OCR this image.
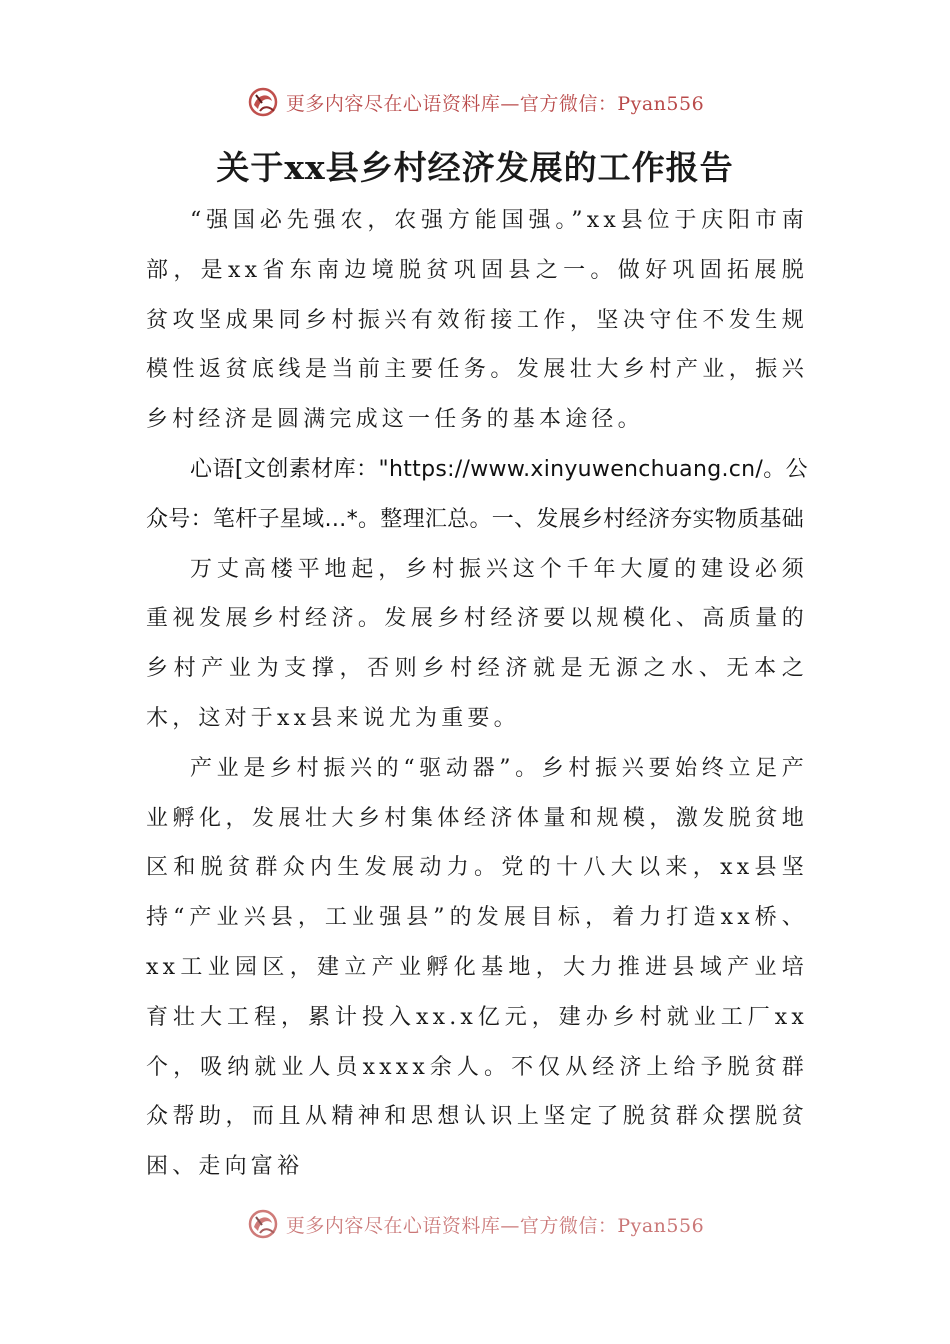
更多内容尽在心语资料库—官方微信：Pyan556
关于xx县乡村经济发展的工作报告

“强国必先强农，农强方能国强。”xx县位于庆阳市南部，是xx省东南边境脱贫巩固县之一。做好巩固拓展脱贫攻坚成果同乡村振兴有效衔接工作，坚决守住不发生规模性返贫底线是当前主要任务。发展壮大乡村产业，振兴乡村经济是圆满完成这一任务的基本途径。

心语[文创素材库："https://www.xinyuwenchuang.cn/。公众号：笔杆子星域…*。整理汇总。一、发展乡村经济夯实物质基础

万丈高楼平地起，乡村振兴这个千年大厦的建设必须重视发展乡村经济。发展乡村经济要以规模化、高质量的乡村产业为支撑，否则乡村经济就是无源之水、无本之木，这对于xx县来说尤为重要。

产业是乡村振兴的“驱动器”。乡村振兴要始终立足产业孵化，发展壮大乡村集体经济体量和规模，激发脱贫地区和脱贫群众内生发展动力。党的十八大以来，xx县坚持“产业兴县，工业强县”的发展目标，着力打造xx桥、xx工业园区，建立产业孵化基地，大力推进县域产业培育壮大工程，累计投入xx.x亿元，建办乡村就业工厂xx个，吸纳就业人员xxxx余人。不仅从经济上给予脱贫群众帮助，而且从精神和思想认识上坚定了脱贫群众摆脱贫困、走向富裕

更多内容尽在心语资料库—官方微信：Pyan556
